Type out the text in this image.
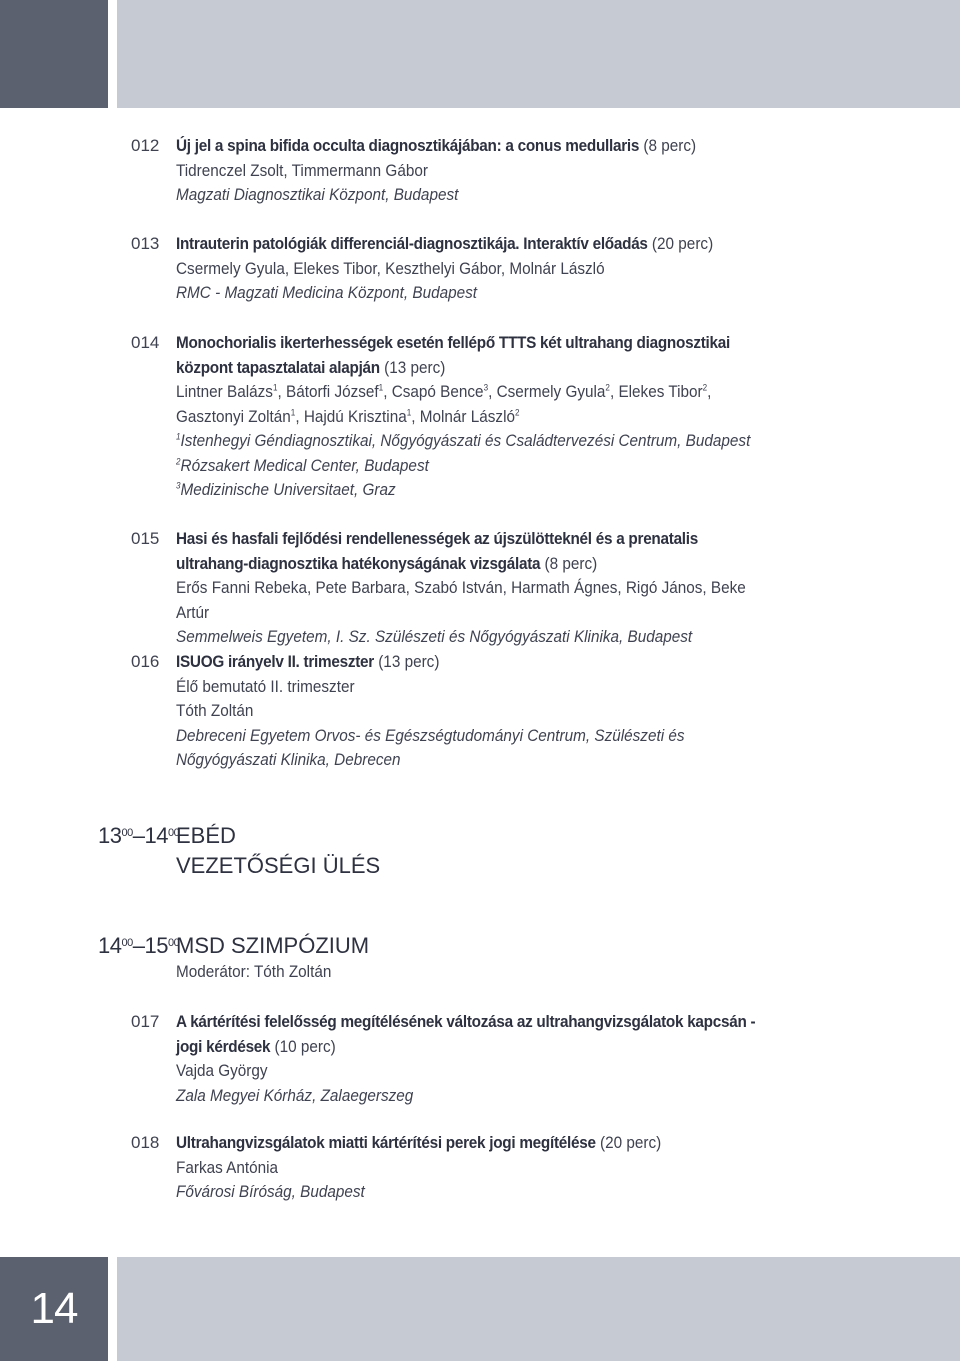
012 Új jel a spina bifida occulta diagnosztikájában: a conus medullaris (8 perc)
Tidrenczel Zsolt, Timmermann Gábor
Magzati Diagnosztikai Központ, Budapest
013 Intrauterin patológiák differenciál-diagnosztikája. Interaktív előadás (20 perc)
Csermely Gyula, Elekes Tibor, Keszthelyi Gábor, Molnár László
RMC - Magzati Medicina Központ, Budapest
014 Monochorialis ikerterhességek esetén fellépő TTTS két ultrahang diagnosztikai központ tapasztalatai alapján (13 perc)
Lintner Balázs$^1$, Bátorfi József$^1$, Csapó Bence$^3$, Csermely Gyula$^2$, Elekes Tibor$^2$, Gasztonyi Zoltán$^1$, Hajdú Krisztina$^1$, Molnár László$^2$
$^1$Istenhegyi Géndiagnosztikai, Nőgyógyászati és Családtervezési Centrum, Budapest
$^2$Rózsakert Medical Center, Budapest
$^3$Medizinische Universitaet, Graz
015 Hasi és hasfali fejlődési rendellenességek az újszülötteknél és a prenatalis ultrahang-diagnosztika hatékonyságának vizsgálata (8 perc)
Erős Fanni Rebeka, Pete Barbara, Szabó István, Harmath Ágnes, Rigó János, Beke Artúr
Semmelweis Egyetem, I. Sz. Szülészeti és Nőgyógyászati Klinika, Budapest
016 ISUOG irányelv II. trimeszter (13 perc)
Élő bemutató II. trimeszter
Tóth Zoltán
Debreceni Egyetem Orvos- és Egészségtudományi Centrum, Szülészeti és Nőgyógyászati Klinika, Debrecen
$13^{00}-14^{00}$
EBÉD
VEZETŐSÉGI ÜLÉS
$14^{00}-15^{00}$
MSD SZIMPÓZIUM
Moderátor: Tóth Zoltán
017 A kártérítési felelősség megítélésének változása az ultrahangvizsgálatok kapcsán - jogi kérdések (10 perc)
Vajda György
Zala Megyei Kórház, Zalaegerszeg
018 Ultrahangvizsgálatok miatti kártérítési perek jogi megítélése (20 perc)
Farkas Antónia
Fővárosi Bíróság, Budapest
14
